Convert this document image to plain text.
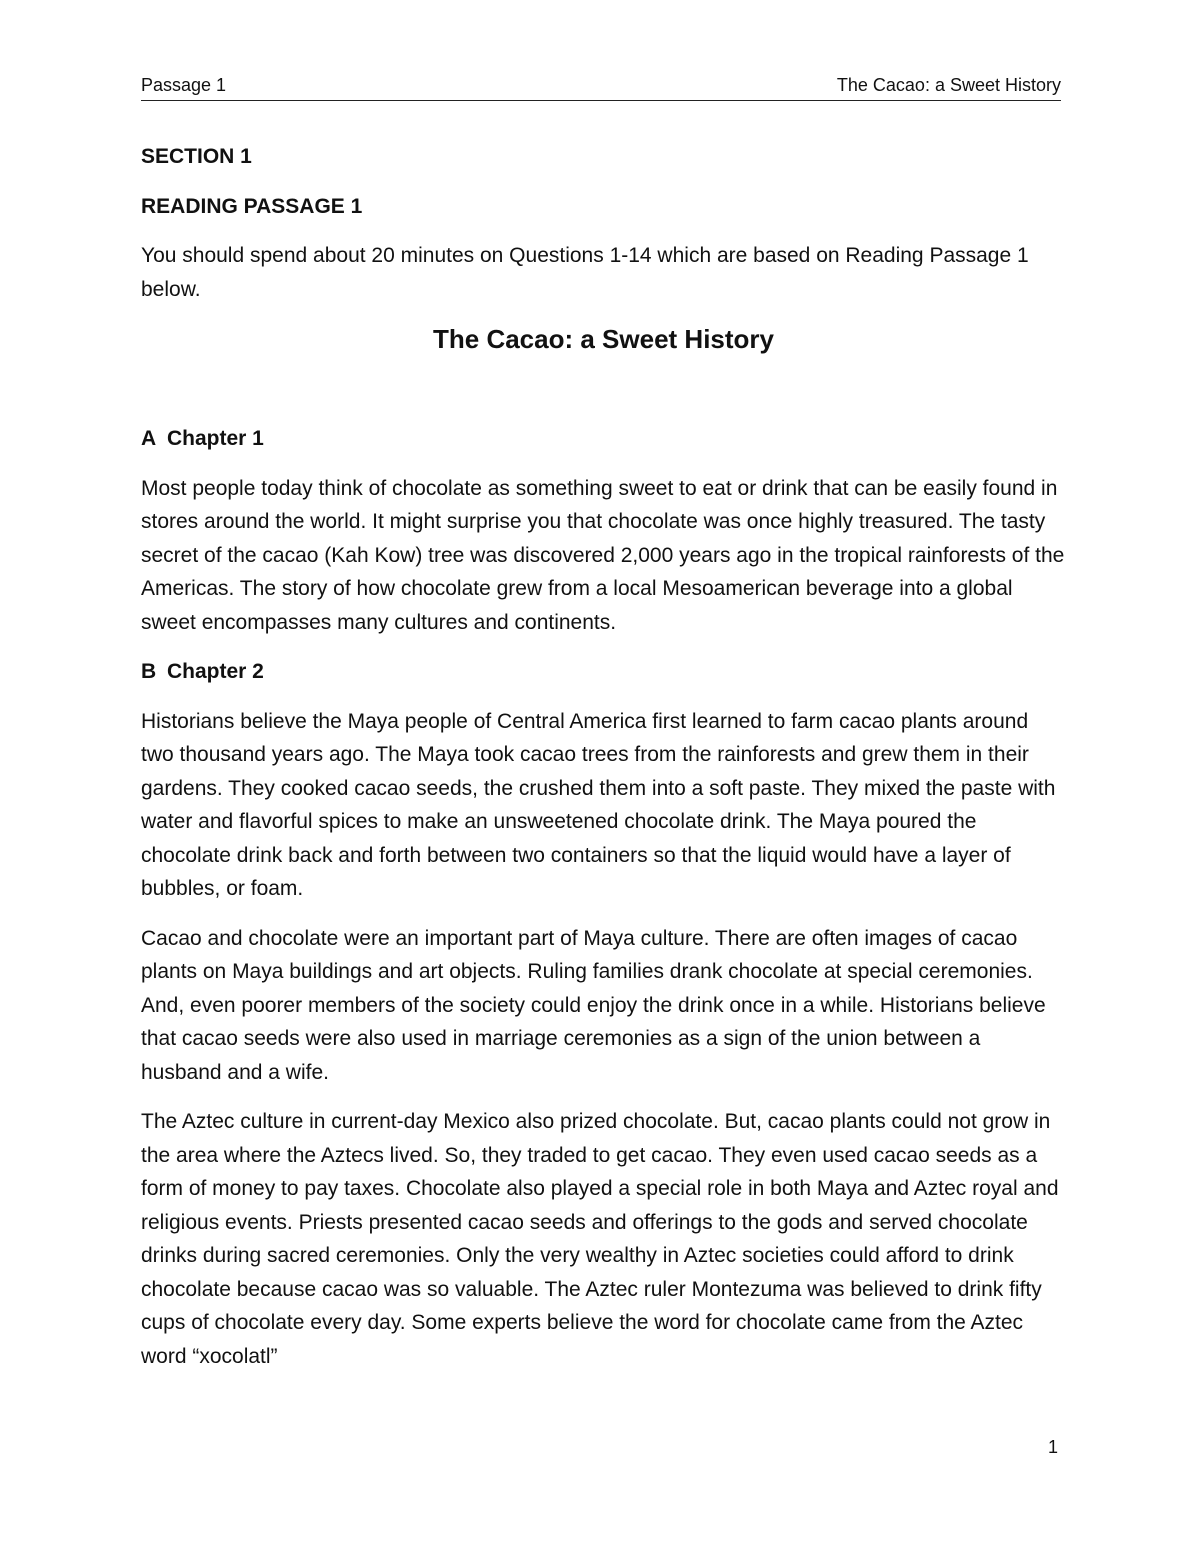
Passage 1	The Cacao: a Sweet History

SECTION 1

READING PASSAGE 1

You should spend about 20 minutes on Questions 1-14 which are based on Reading Passage 1 below.

The Cacao: a Sweet History

A Chapter 1

Most people today think of chocolate as something sweet to eat or drink that can be easily found in stores around the world. It might surprise you that chocolate was once highly treasured. The tasty secret of the cacao (Kah Kow) tree was discovered 2,000 years ago in the tropical rainforests of the Americas. The story of how chocolate grew from a local Mesoamerican beverage into a global sweet encompasses many cultures and continents.

B Chapter 2

Historians believe the Maya people of Central America first learned to farm cacao plants around two thousand years ago. The Maya took cacao trees from the rainforests and grew them in their gardens. They cooked cacao seeds, the crushed them into a soft paste. They mixed the paste with water and flavorful spices to make an unsweetened chocolate drink. The Maya poured the chocolate drink back and forth between two containers so that the liquid would have a layer of bubbles, or foam.

Cacao and chocolate were an important part of Maya culture. There are often images of cacao plants on Maya buildings and art objects. Ruling families drank chocolate at special ceremonies. And, even poorer members of the society could enjoy the drink once in a while. Historians believe that cacao seeds were also used in marriage ceremonies as a sign of the union between a husband and a wife.

The Aztec culture in current-day Mexico also prized chocolate. But, cacao plants could not grow in the area where the Aztecs lived. So, they traded to get cacao. They even used cacao seeds as a form of money to pay taxes. Chocolate also played a special role in both Maya and Aztec royal and religious events. Priests presented cacao seeds and offerings to the gods and served chocolate drinks during sacred ceremonies. Only the very wealthy in Aztec societies could afford to drink chocolate because cacao was so valuable. The Aztec ruler Montezuma was believed to drink fifty cups of chocolate every day. Some experts believe the word for chocolate came from the Aztec word “xocolatl”

1
